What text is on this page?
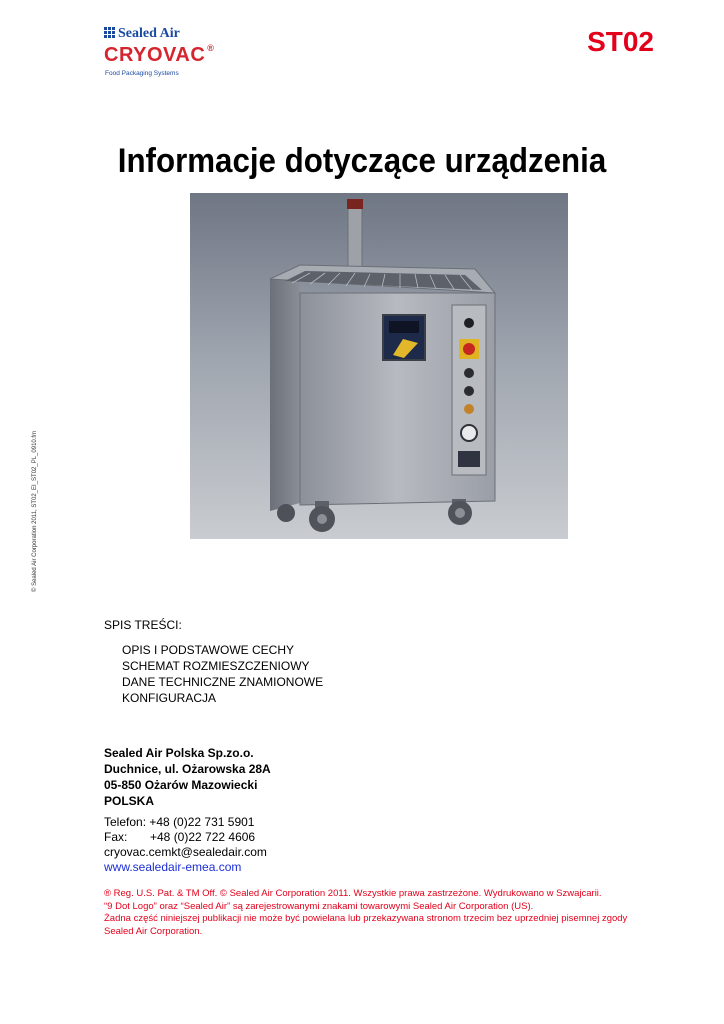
Sealed Air
CRYOVAC ®
Food Packaging Systems
ST02
Informacje dotyczące urządzenia
© Sealed Air Corporation 2011, ST02_EI_ST02_PL_0910.fm
SPIS TREŚCI:
OPIS I PODSTAWOWE CECHY
SCHEMAT ROZMIESZCZENIOWY
DANE TECHNICZNE ZNAMIONOWE
KONFIGURACJA
Sealed Air Polska Sp.zo.o.
Duchnice, ul. Ożarowska 28A
05-850 Ożarów Mazowiecki
POLSKA
Telefon: +48 (0)22 731 5901
Fax: +48 (0)22 722 4606
cryovac.cemkt@sealedair.com
www.sealedair-emea.com
® Reg. U.S. Pat. & TM Off. © Sealed Air Corporation 2011. Wszystkie prawa zastrzeżone. Wydrukowano w Szwajcarii.
“9 Dot Logo” oraz “Sealed Air” są zarejestrowanymi znakami towarowymi Sealed Air Corporation (US).
Żadna część niniejszej publikacji nie może być powielana lub przekazywana stronom trzecim bez uprzedniej pisemnej zgody
Sealed Air Corporation.
